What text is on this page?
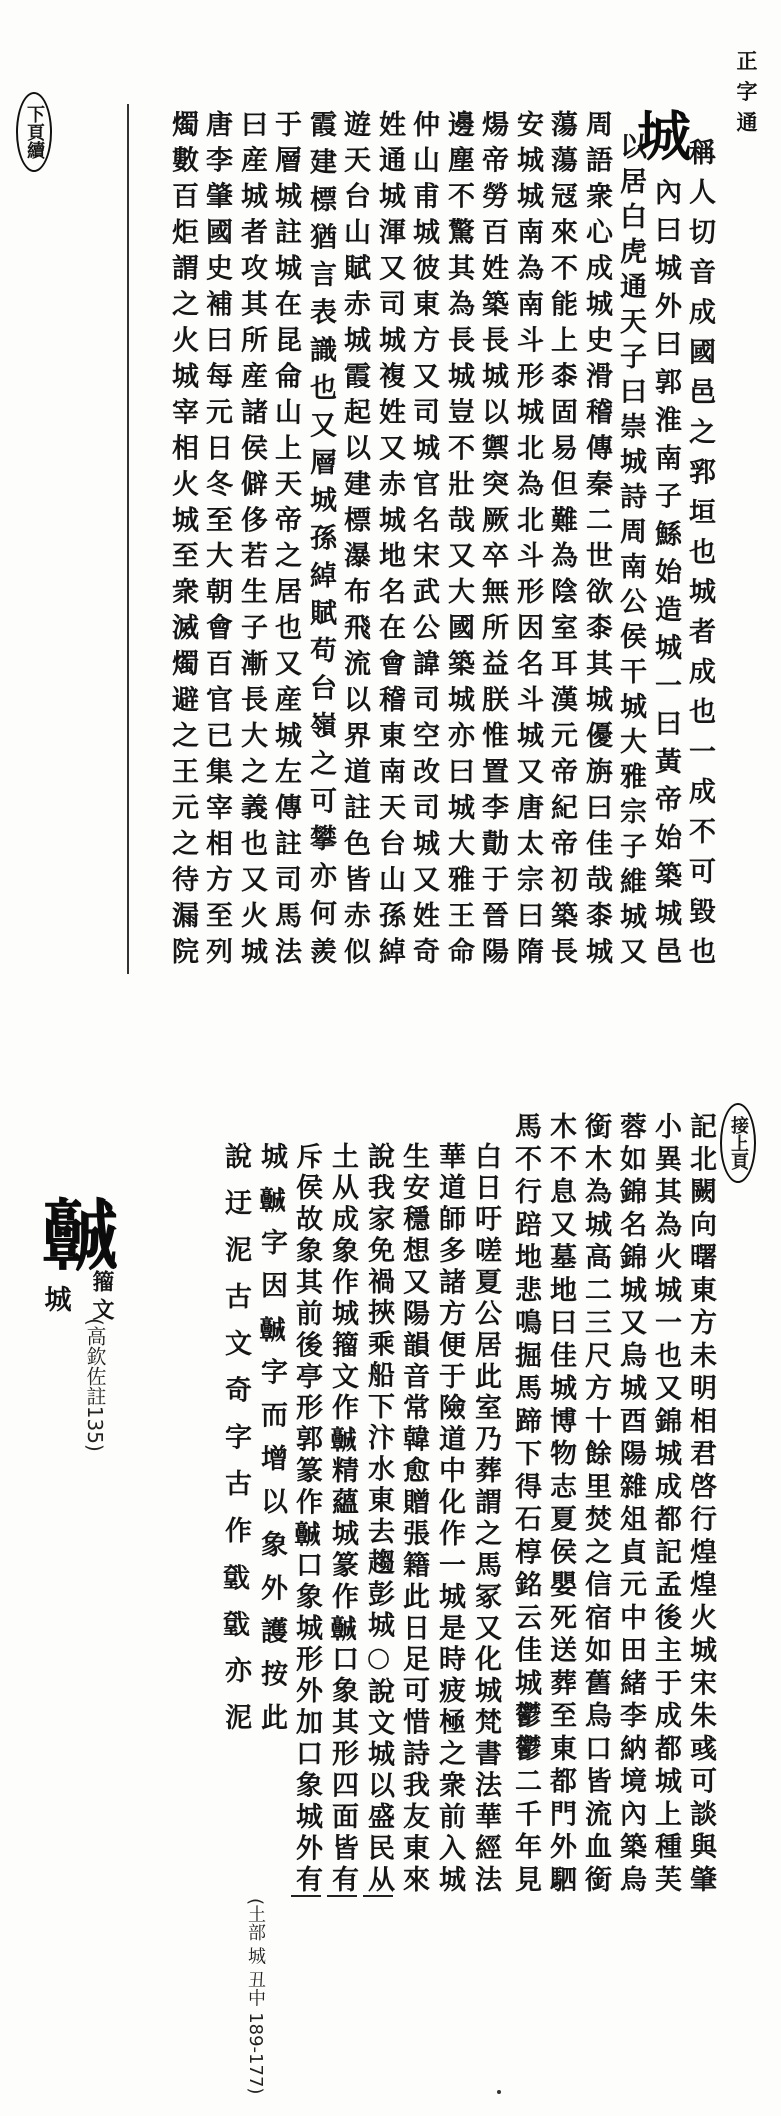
正字通
下頁續
接上頁
城
稱人切音成國邑之郛垣也城者成也一成不可毀也
內曰城外曰郭淮南子鯀始造城一曰黃帝始築城邑
以居白虎通天子曰崇城詩周南公侯干城大雅宗子維城又
周語衆心成城史滑稽傳秦二世欲桼其城優旃曰佳哉桼城
蕩蕩冦來不能上桼固易但難為陰室耳漢元帝紀帝初築長
安城城南為南斗形城北為北斗形因名斗城又唐太宗曰隋
煬帝勞百姓築長城以禦突厥卒無所益朕惟置李勣于晉陽
邊塵不驚其為長城豈不壯哉又大國築城亦曰城大雅王命
仲山甫城彼東方又司城官名宋武公諱司空改司城又姓奇
姓通城渾又司城複姓又赤城地名在會稽東南天台山孫綽
遊天台山賦赤城霞起以建標瀑布飛流以界道註色皆赤似
霞建標猶言表識也又層城孫綽賦苟台嶺之可攀亦何羨
于層城註城在昆侖山上天帝之居也又産城左傳註司馬法
曰産城者攻其所産諸侯僻侈若生子漸長大之義也又火城
唐李肇國史補曰每元日冬至大朝會百官已集宰相方至列
燭數百炬謂之火城宰相火城至衆滅燭避之王元之待漏院
𩫨
城 籀文
(高欽佐註135)	記北闕向曙東方未明相君啓行煌煌火城宋朱彧可談與肇
小異其為火城一也又錦城成都記孟後主于成都城上種芙
蓉如錦名錦城又烏城酉陽雜俎貞元中田緒李納境內築烏
銜木為城高二三尺方十餘里焚之信宿如舊烏口皆流血銜
木不息又墓地曰佳城博物志夏侯嬰死送葬至東都門外駟
馬不行踣地悲鳴掘馬蹄下得石椁銘云佳城鬱鬱二千年見
白日吁嗟夏公居此室乃葬謂之馬冢又化城梵書法華經法
華道師多諸方便于險道中化作一城是時疲極之衆前入城
生安穩想又陽韻音常韓愈贈張籍此日足可惜詩我友東來
說我家免禍挾乘船下汴水東去趨彭城○說文城以盛民从
土从成象作城籀文作𩫨精蘊城篆作𩫨口象其形四面皆有
斥侯故象其前後亭形郭篆作𩫨口象城形外加口象城外有
城𩫨字因𩫨字而增以象外護按此
說迂泥古文奇字古作𢧤𢧤亦泥
(土部 城 丑中 189-177)
